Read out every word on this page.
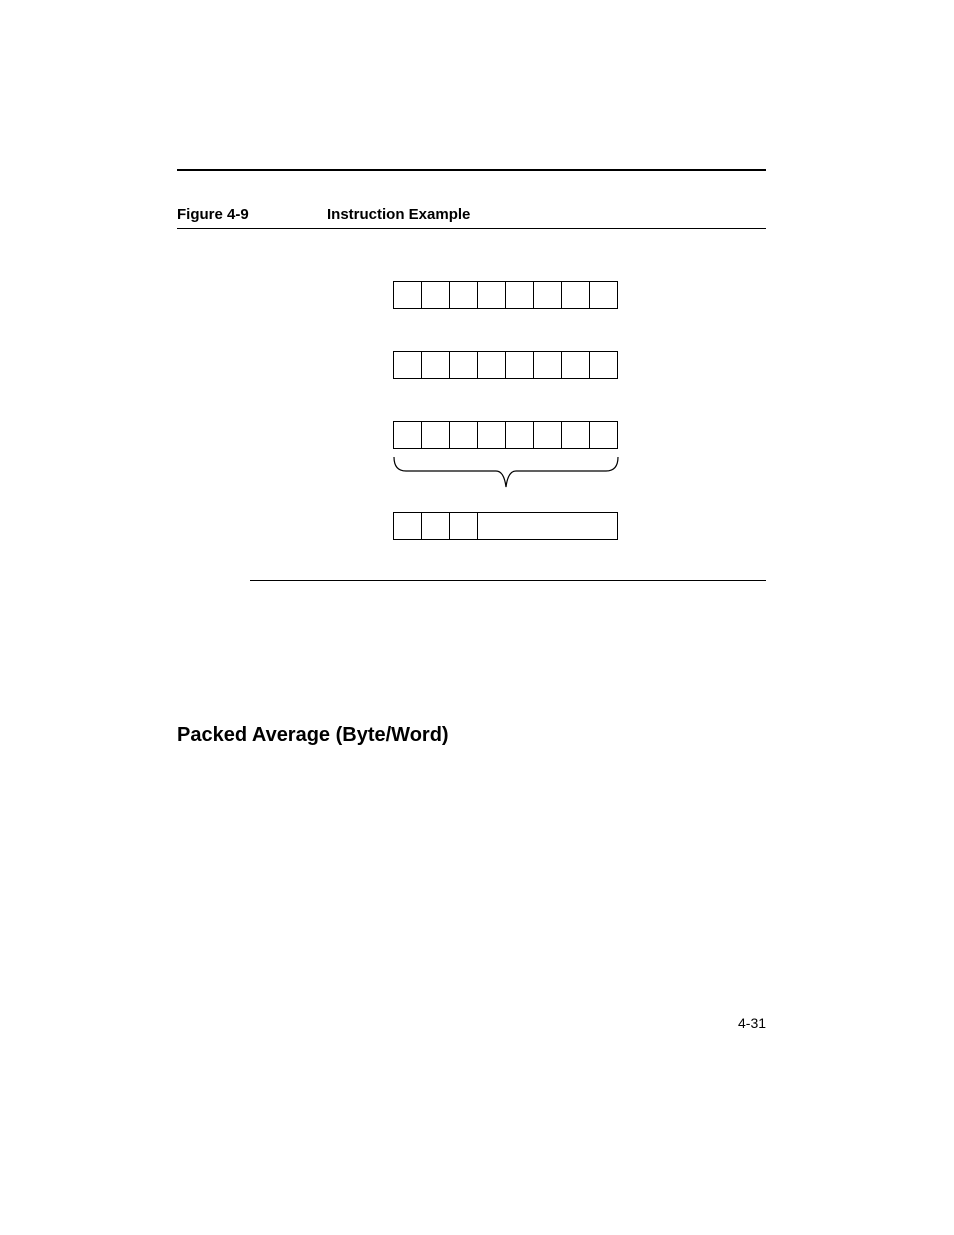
Figure 4-9	Instruction Example
Packed Average (Byte/Word)
4-31
